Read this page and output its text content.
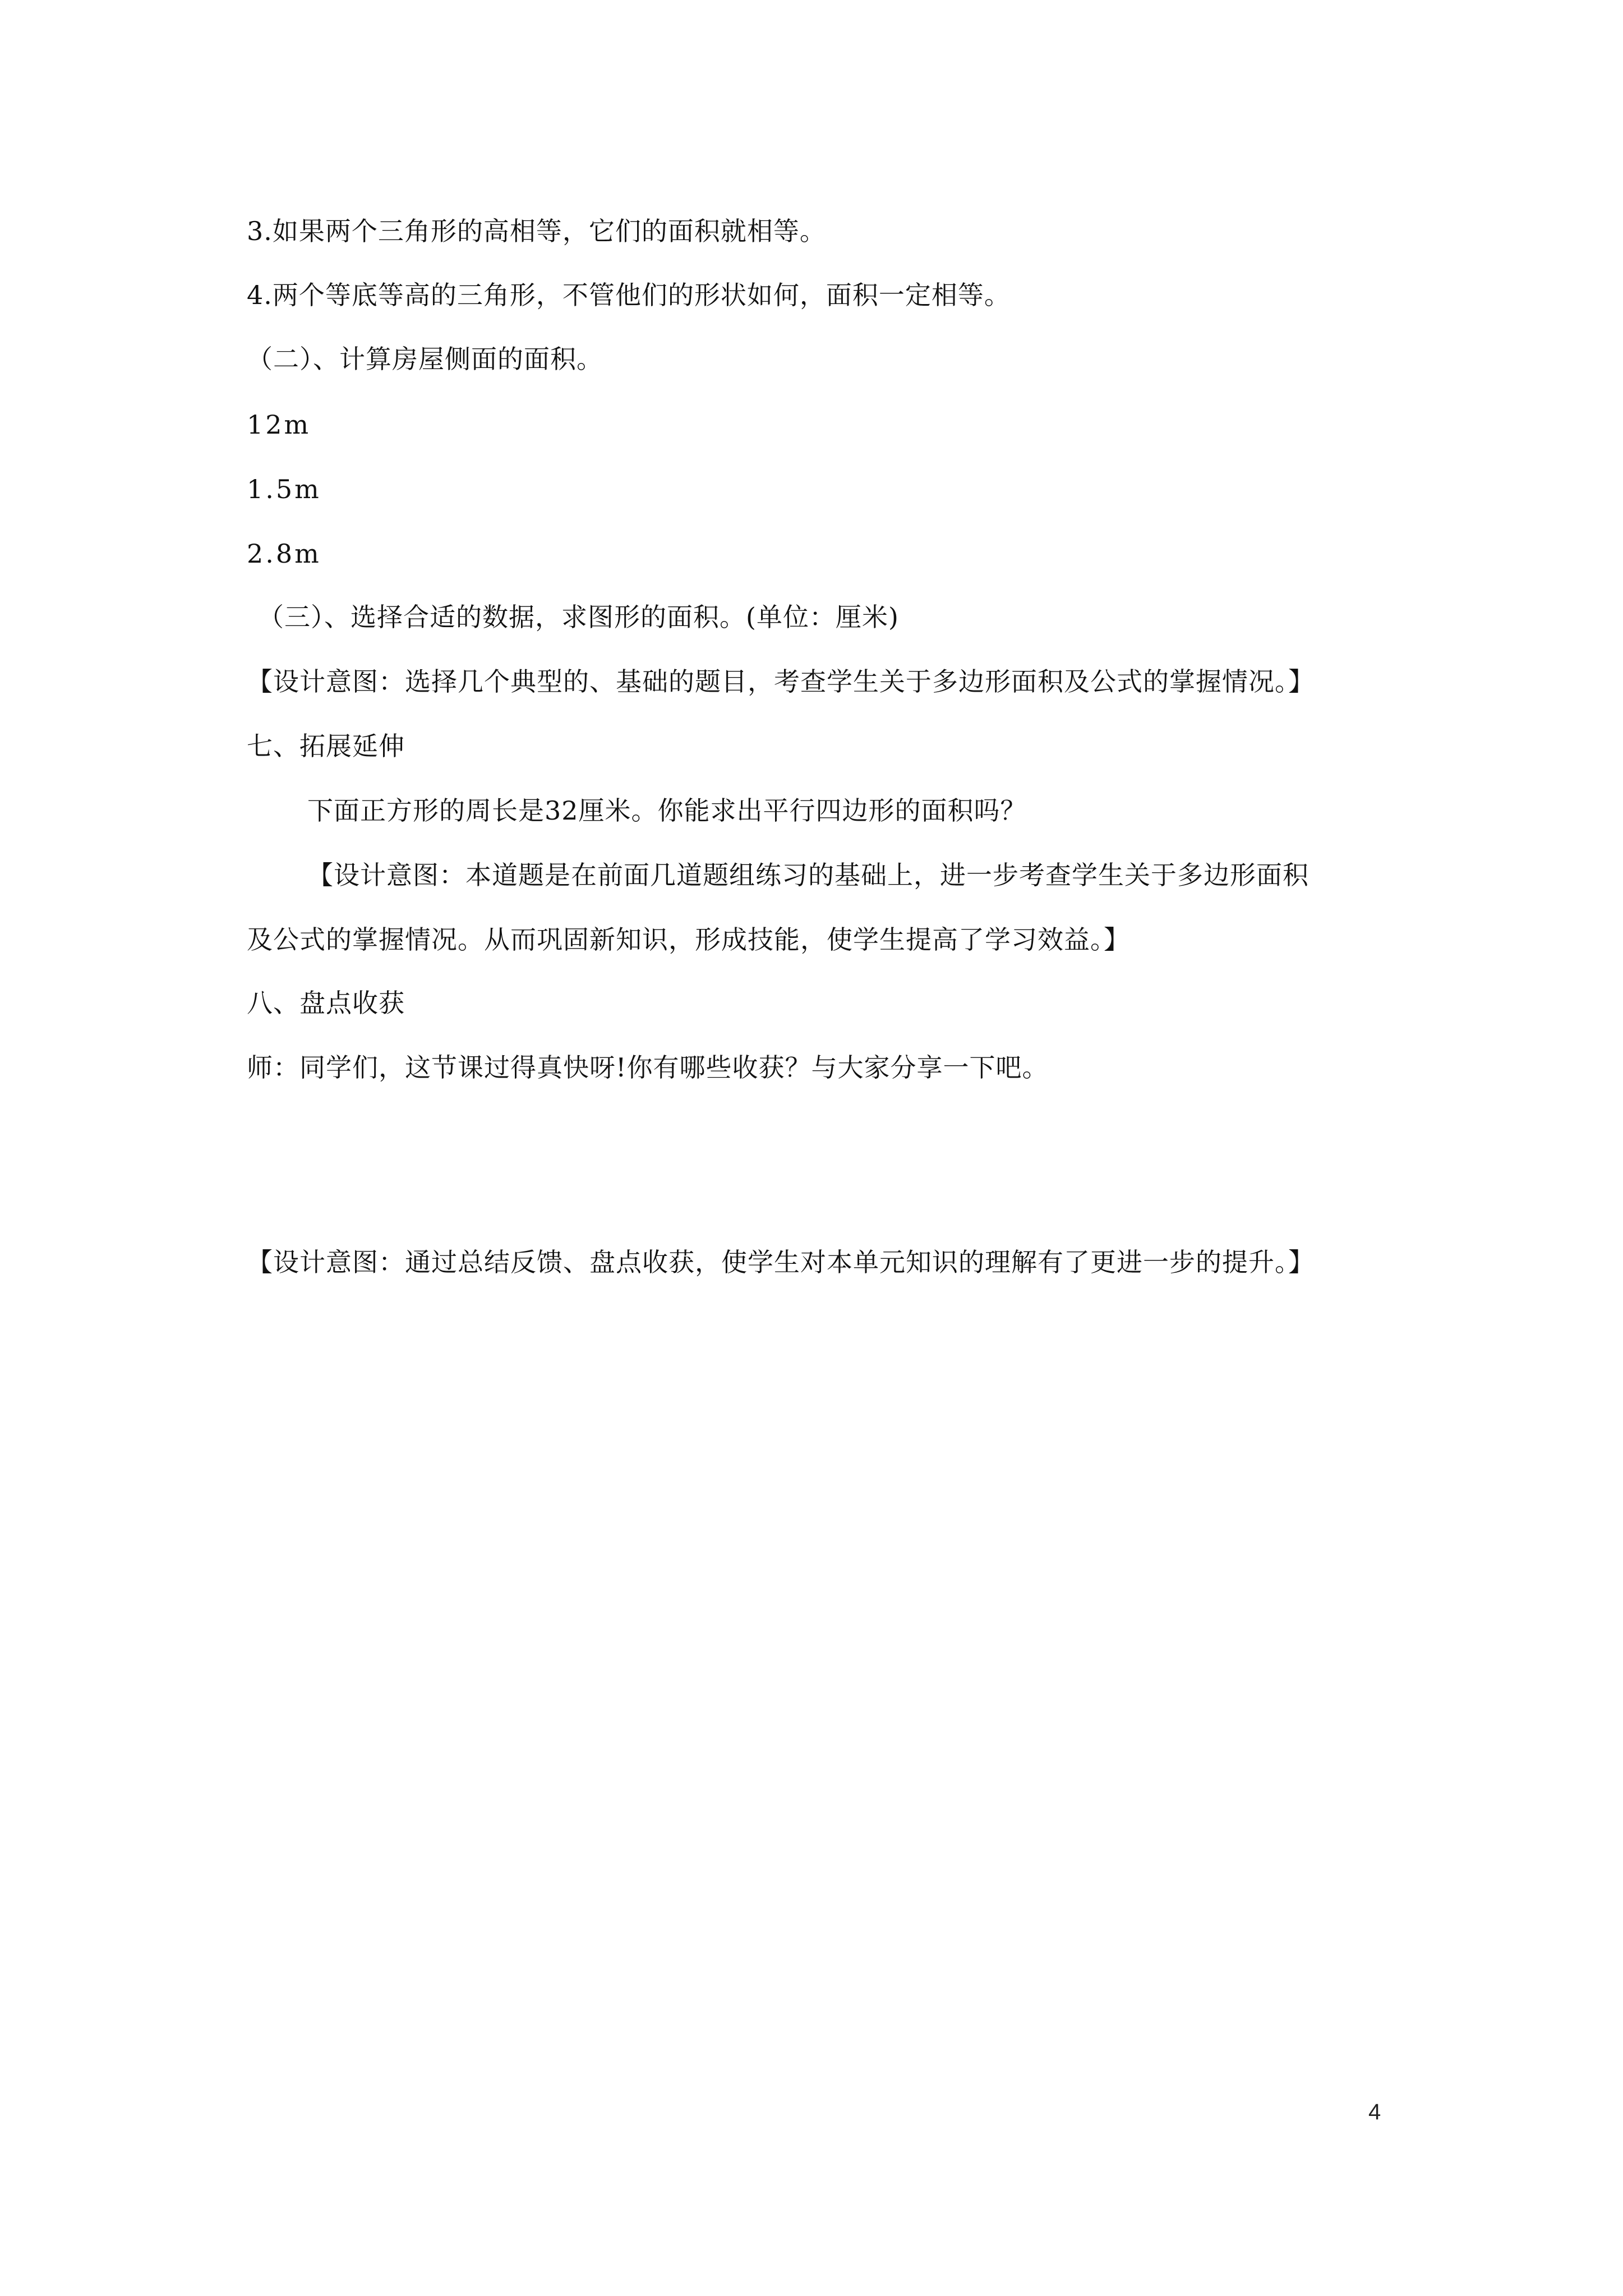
3.如果两个三角形的高相等，它们的面积就相等。
4.两个等底等高的三角形，不管他们的形状如何，面积一定相等。
（二）、计算房屋侧面的面积。
12m
1.5m
2.8m
（三）、选择合适的数据，求图形的面积。(单位：厘米)
【设计意图：选择几个典型的、基础的题目，考查学生关于多边形面积及公式的掌握情况。】
七、拓展延伸
下面正方形的周长是32厘米。你能求出平行四边形的面积吗？
【设计意图：本道题是在前面几道题组练习的基础上，进一步考查学生关于多边形面积
及公式的掌握情况。从而巩固新知识，形成技能，使学生提高了学习效益。】
八、盘点收获
师：同学们，这节课过得真快呀!你有哪些收获？与大家分享一下吧。
【设计意图：通过总结反馈、盘点收获，使学生对本单元知识的理解有了更进一步的提升。】
4
